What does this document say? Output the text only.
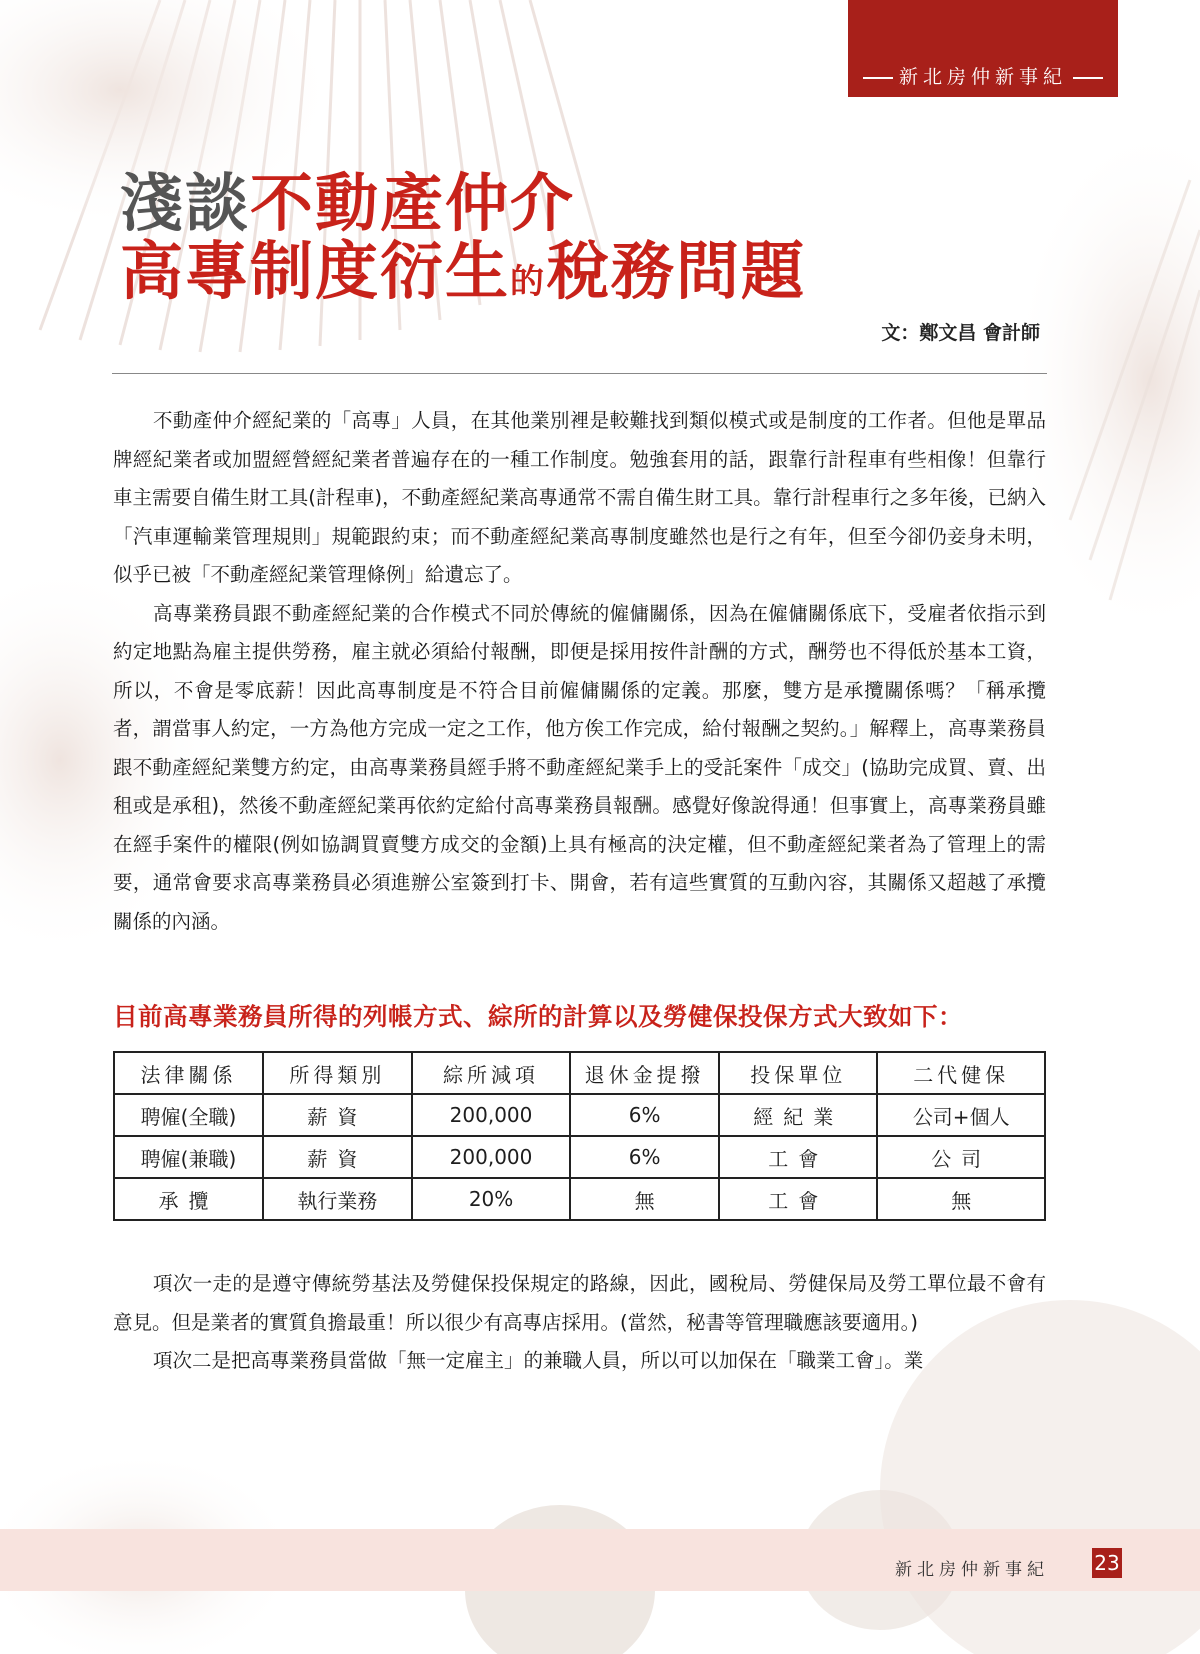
新北房仲新事紀
淺談不動產仲介
高專制度衍生的稅務問題
文：鄭文昌 會計師

不動產仲介經紀業的「高專」人員，在其他業別裡是較難找到類似模式或是制度的工作者。但他是單品牌經紀業者或加盟經營經紀業者普遍存在的一種工作制度。勉強套用的話，跟靠行計程車有些相像！但靠行車主需要自備生財工具(計程車)，不動產經紀業高專通常不需自備生財工具。靠行計程車行之多年後，已納入「汽車運輸業管理規則」規範跟約束；而不動產經紀業高專制度雖然也是行之有年，但至今卻仍妾身未明，似乎已被「不動產經紀業管理條例」給遺忘了。

高專業務員跟不動產經紀業的合作模式不同於傳統的僱傭關係，因為在僱傭關係底下，受雇者依指示到約定地點為雇主提供勞務，雇主就必須給付報酬，即便是採用按件計酬的方式，酬勞也不得低於基本工資，所以，不會是零底薪！因此高專制度是不符合目前僱傭關係的定義。那麼，雙方是承攬關係嗎？「稱承攬者，謂當事人約定，一方為他方完成一定之工作，他方俟工作完成，給付報酬之契約。」解釋上，高專業務員跟不動產經紀業雙方約定，由高專業務員經手將不動產經紀業手上的受託案件「成交」(協助完成買、賣、出租或是承租)，然後不動產經紀業再依約定給付高專業務員報酬。感覺好像說得通！但事實上，高專業務員雖在經手案件的權限(例如協調買賣雙方成交的金額)上具有極高的決定權，但不動產經紀業者為了管理上的需要，通常會要求高專業務員必須進辦公室簽到打卡、開會，若有這些實質的互動內容，其關係又超越了承攬關係的內涵。

目前高專業務員所得的列帳方式、綜所的計算以及勞健保投保方式大致如下：
法律關係	所得類別	綜所減項	退休金提撥	投保單位	二代健保
聘僱(全職)	薪資	200,000	6%	經紀業	公司+個人
聘僱(兼職)	薪資	200,000	6%	工會	公司
承攬	執行業務	20%	無	工會	無

項次一走的是遵守傳統勞基法及勞健保投保規定的路線，因此，國稅局、勞健保局及勞工單位最不會有意見。但是業者的實質負擔最重！所以很少有高專店採用。(當然，秘書等管理職應該要適用。)

項次二是把高專業務員當做「無一定雇主」的兼職人員，所以可以加保在「職業工會」。業

新北房仲新事紀 23
